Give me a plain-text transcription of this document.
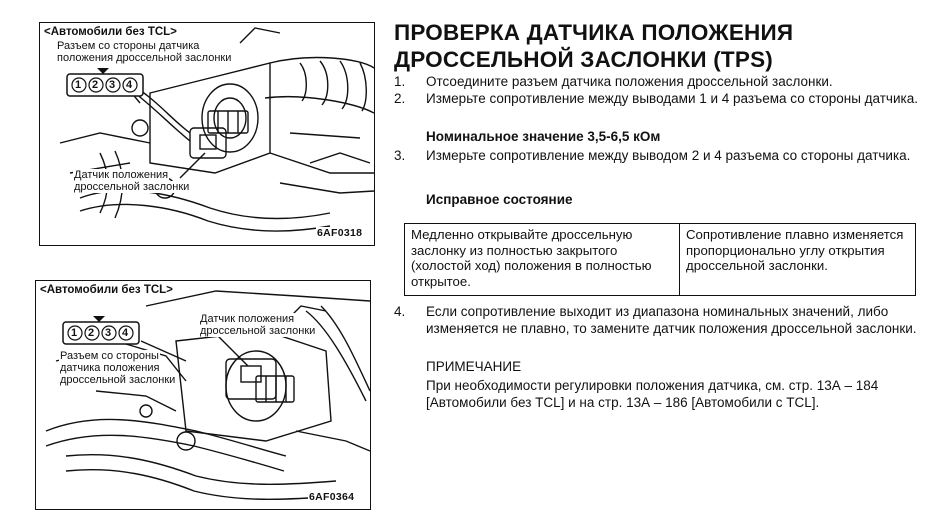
<Автомобили без TCL>
Разъем со стороны датчика
положения дроссельной заслонки
1 2 3 4
Датчик положения
дроссельной заслонки
6AF0318
<Автомобили без TCL>
Датчик положения
дроссельной заслонки
1 2 3 4
Разъем со стороны
датчика положения
дроссельной заслонки
6AF0364
ПРОВЕРКА ДАТЧИКА ПОЛОЖЕНИЯ
ДРОССЕЛЬНОЙ ЗАСЛОНКИ (TPS)
1. Отсоедините разъем датчика положения дроссельной заслонки.
2. Измерьте сопротивление между выводами 1 и 4 разъема со стороны датчика.
Номинальное значение 3,5-6,5 кОм
3. Измерьте сопротивление между выводом 2 и 4 разъема со стороны датчика.
Исправное состояние
Медленно открывайте дроссельную заслонку из полностью закрытого (холостой ход) положения в полностью открытое.	Сопротивление плавно изменяется пропорционально углу открытия дроссельной заслонки.
4. Если сопротивление выходит из диапазона номинальных значений, либо изменяется не плавно, то замените датчик положения дроссельной заслонки.
ПРИМЕЧАНИЕ
При необходимости регулировки положения датчика, см. стр. 13А – 184 [Автомобили без TCL] и на стр. 13А – 186 [Автомобили с TCL].
